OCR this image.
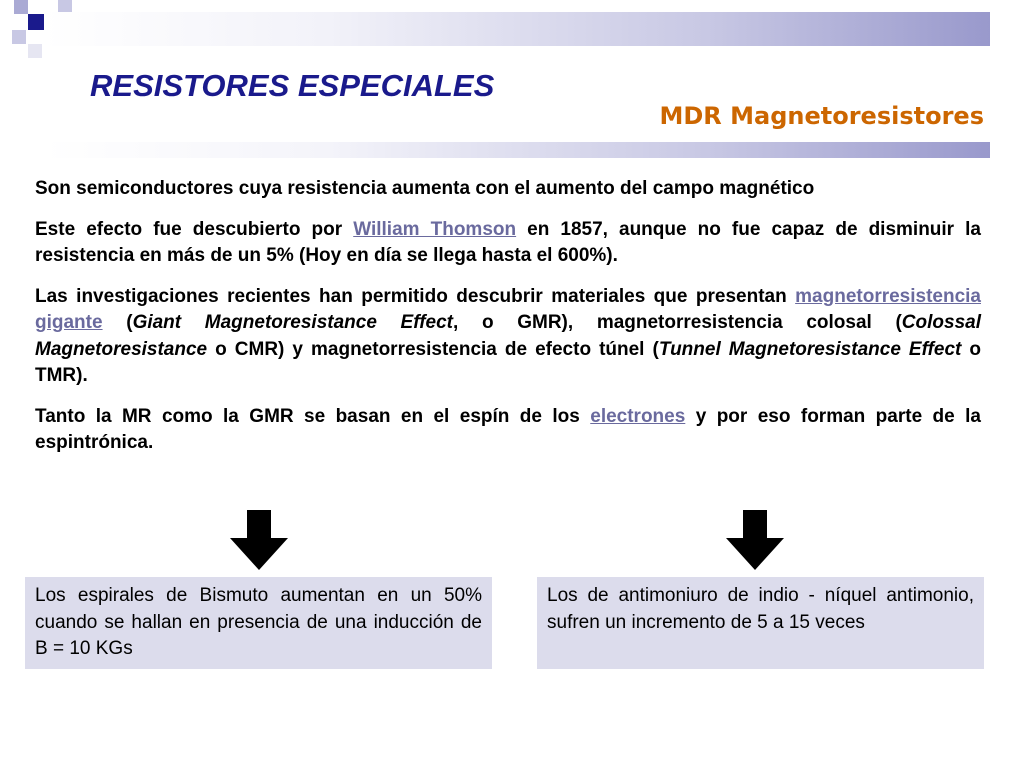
RESISTORES ESPECIALES
MDR Magnetoresistores

Son semiconductores cuya resistencia aumenta con el aumento del campo magnético

Este efecto fue descubierto por William Thomson en 1857, aunque no fue capaz de disminuir la resistencia en más de un 5% (Hoy en día se llega hasta el 600%).

Las investigaciones recientes han permitido descubrir materiales que presentan magnetorresistencia gigante (Giant Magnetoresistance Effect, o GMR), magnetorresistencia colosal (Colossal Magnetoresistance o CMR) y magnetorresistencia de efecto túnel (Tunnel Magnetoresistance Effect o TMR).

Tanto la MR como la GMR se basan en el espín de los electrones y por eso forman parte de la espintrónica.

Los espirales de Bismuto aumentan en un 50% cuando se hallan en presencia de una inducción de B = 10 KGs
Los de antimoniuro de indio - níquel antimonio, sufren un incremento de 5 a 15 veces
